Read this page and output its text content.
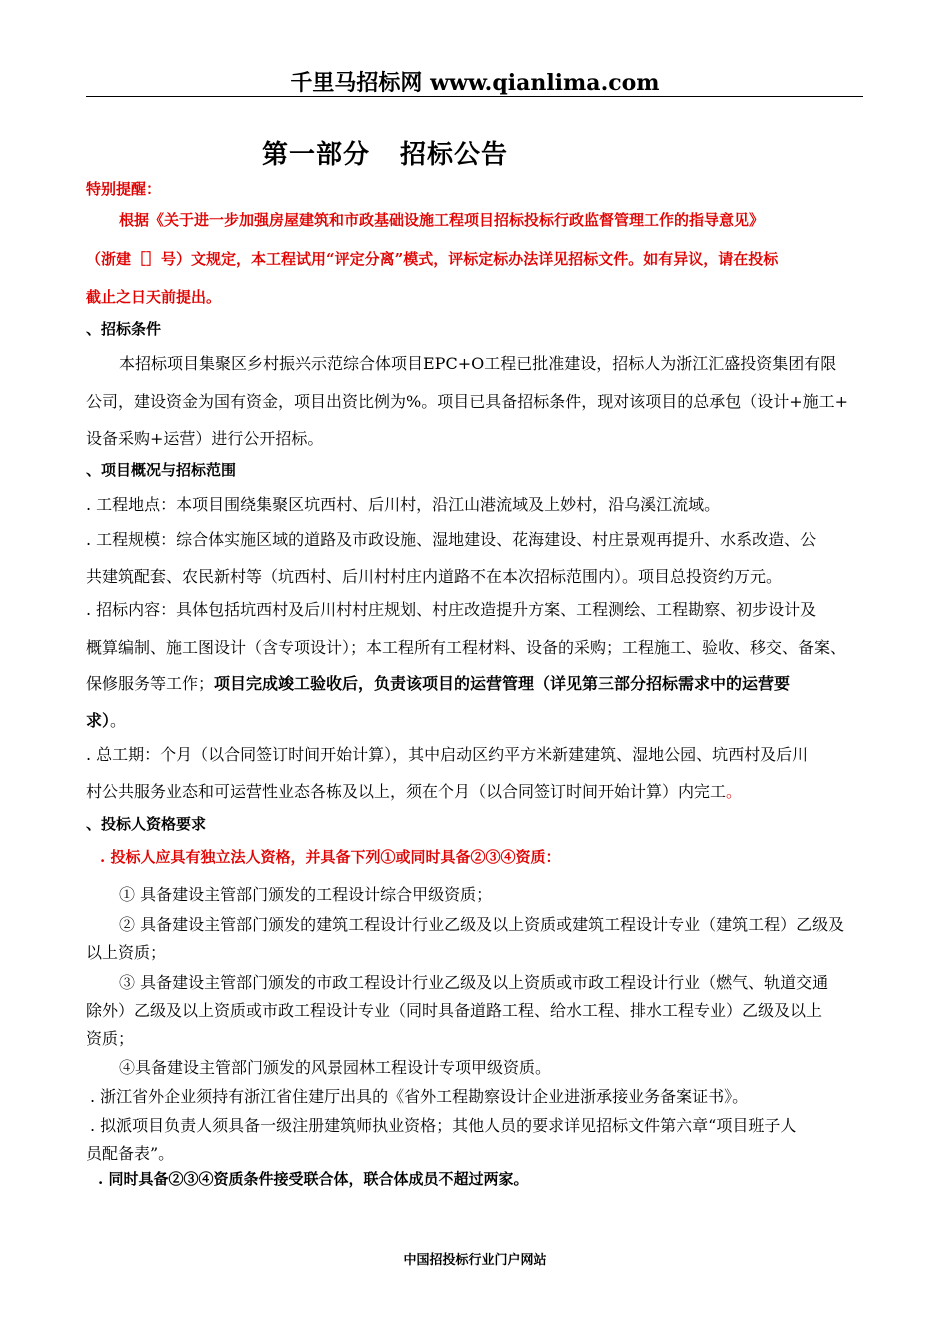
千里马招标网 www.qianlima.com
第一部分 招标公告
特别提醒：
根据《关于进一步加强房屋建筑和市政基础设施工程项目招标投标行政监督管理工作的指导意见》
（浙建［］号）文规定，本工程试用“评定分离”模式，评标定标办法详见招标文件。如有异议，请在投标
截止之日天前提出。
、招标条件
本招标项目集聚区乡村振兴示范综合体项目EPC+O工程已批准建设，招标人为浙江汇盛投资集团有限
公司，建设资金为国有资金，项目出资比例为%。项目已具备招标条件，现对该项目的总承包（设计+施工+
设备采购+运营）进行公开招标。
、项目概况与招标范围
. 工程地点：本项目围绕集聚区坑西村、后川村，沿江山港流域及上妙村，沿乌溪江流域。
. 工程规模：综合体实施区域的道路及市政设施、湿地建设、花海建设、村庄景观再提升、水系改造、公
共建筑配套、农民新村等（坑西村、后川村村庄内道路不在本次招标范围内）。项目总投资约万元。
. 招标内容：具体包括坑西村及后川村村庄规划、村庄改造提升方案、工程测绘、工程勘察、初步设计及
概算编制、施工图设计（含专项设计）；本工程所有工程材料、设备的采购；工程施工、验收、移交、备案、
保修服务等工作；项目完成竣工验收后，负责该项目的运营管理（详见第三部分招标需求中的运营要
求）。
. 总工期：个月（以合同签订时间开始计算），其中启动区约平方米新建建筑、湿地公园、坑西村及后川
村公共服务业态和可运营性业态各栋及以上，须在个月（以合同签订时间开始计算）内完工。
、投标人资格要求
. 投标人应具有独立法人资格，并具备下列①或同时具备②③④资质：
① 具备建设主管部门颁发的工程设计综合甲级资质；
② 具备建设主管部门颁发的建筑工程设计行业乙级及以上资质或建筑工程设计专业（建筑工程）乙级及
以上资质；
③ 具备建设主管部门颁发的市政工程设计行业乙级及以上资质或市政工程设计行业（燃气、轨道交通
除外）乙级及以上资质或市政工程设计专业（同时具备道路工程、给水工程、排水工程专业）乙级及以上
资质；
④具备建设主管部门颁发的风景园林工程设计专项甲级资质。
. 浙江省外企业须持有浙江省住建厅出具的《省外工程勘察设计企业进浙承接业务备案证书》。
. 拟派项目负责人须具备一级注册建筑师执业资格；其他人员的要求详见招标文件第六章“项目班子人
员配备表”。
. 同时具备②③④资质条件接受联合体，联合体成员不超过两家。
中国招投标行业门户网站
